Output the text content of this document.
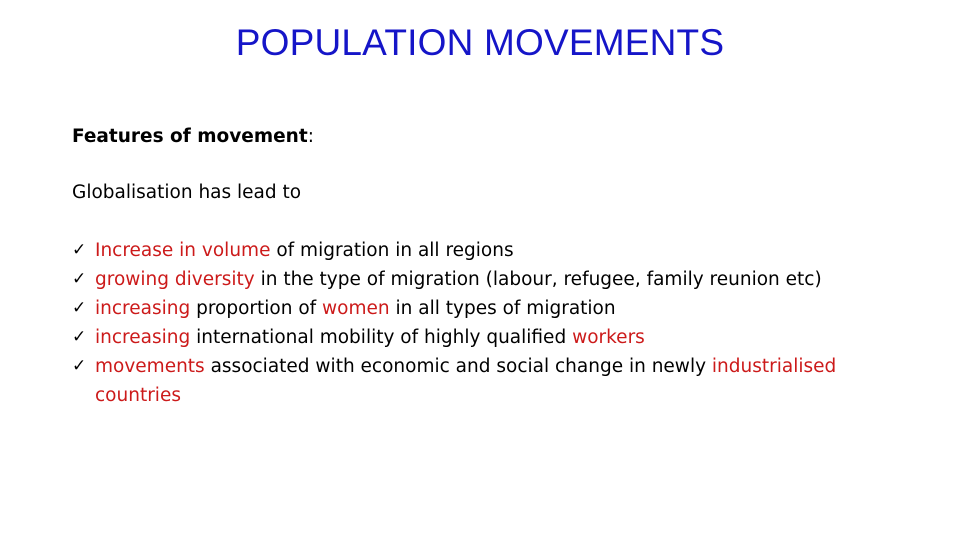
POPULATION MOVEMENTS
Features of movement:
Globalisation has lead to
✓ Increase in volume of migration in all regions
✓ growing diversity in the type of migration (labour, refugee, family reunion etc)
✓ increasing proportion of women in all types of migration
✓ increasing international mobility of highly qualified workers
✓ movements associated with economic and social change in newly industrialised
countries
